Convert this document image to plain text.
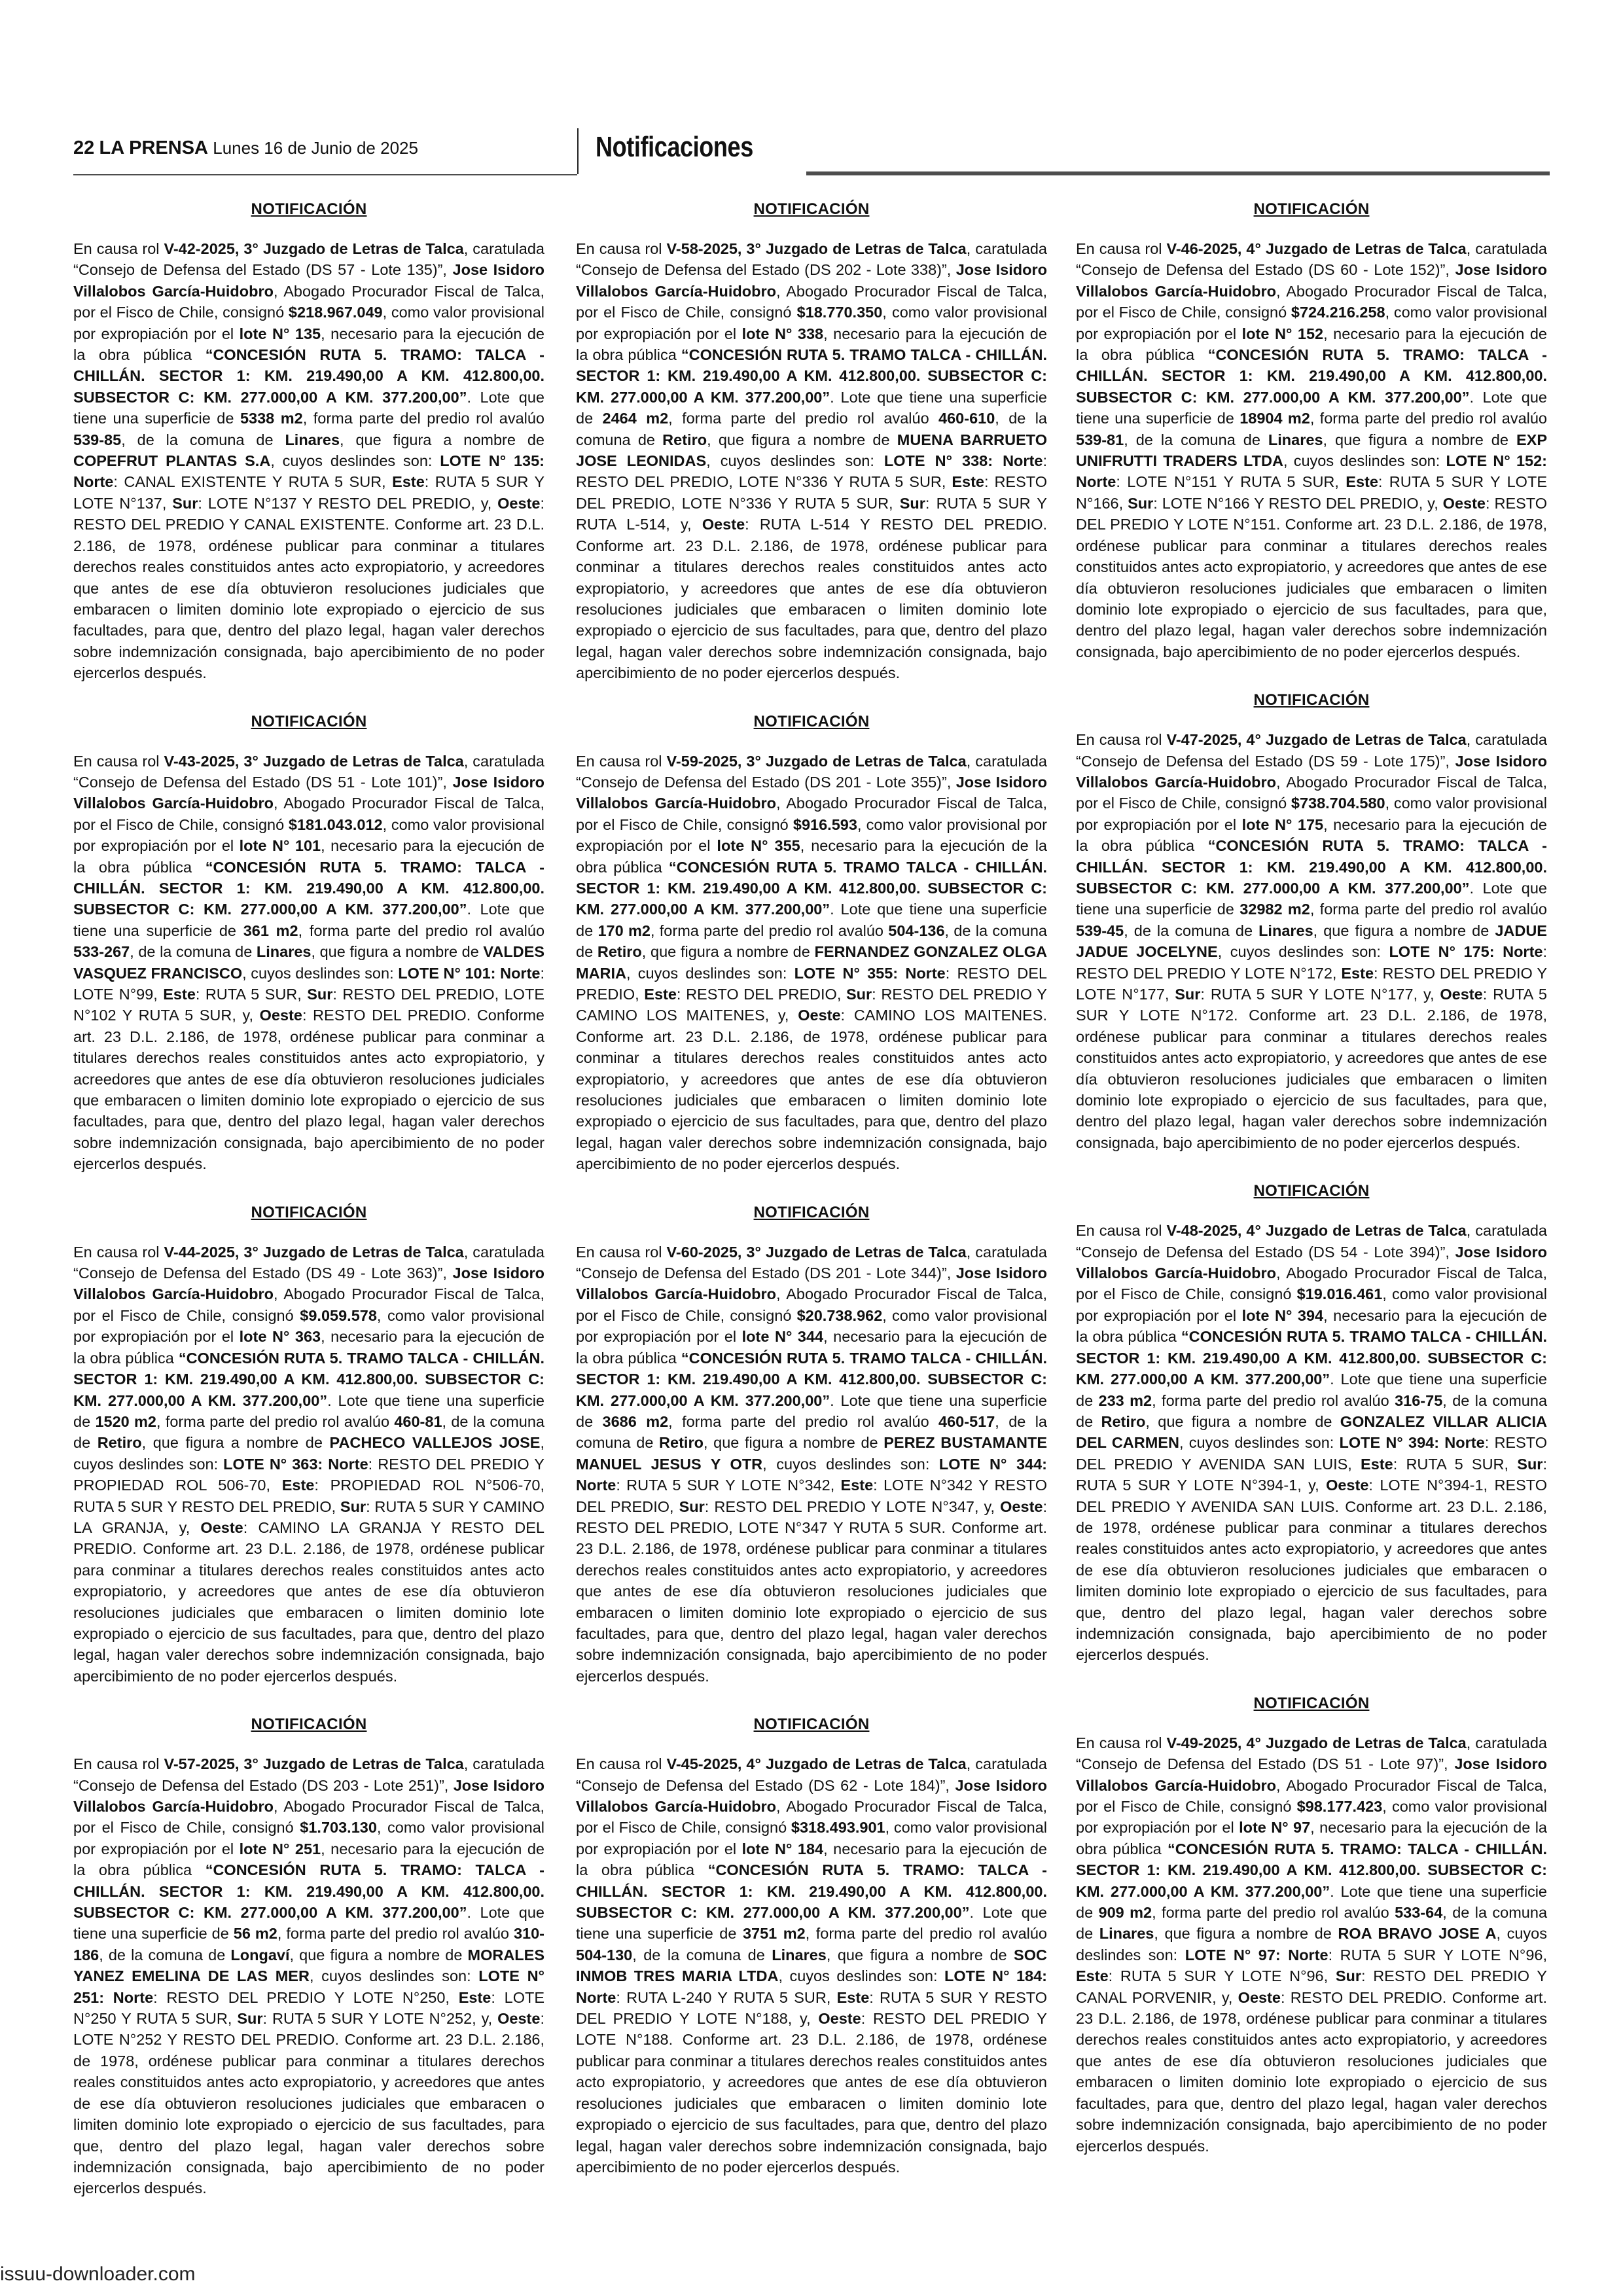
22 LA PRENSA Lunes 16 de Junio de 2025	Notificaciones
NOTIFICACIÓN

En causa rol V-42-2025, 3° Juzgado de Letras de Talca, caratulada “Consejo de Defensa del Estado (DS 57 - Lote 135)”, Jose Isidoro Villalobos García-Huidobro, Abogado Procurador Fiscal de Talca, por el Fisco de Chile, consignó $218.967.049, como valor provisional por expropiación por el lote N° 135, necesario para la ejecución de la obra pública “CONCESIÓN RUTA 5. TRAMO: TALCA - CHILLÁN. SECTOR 1: KM. 219.490,00 A KM. 412.800,00. SUBSECTOR C: KM. 277.000,00 A KM. 377.200,00”. Lote que tiene una superficie de 5338 m2, forma parte del predio rol avalúo 539-85, de la comuna de Linares, que figura a nombre de COPEFRUT PLANTAS S.A, cuyos deslindes son: LOTE N° 135: Norte: CANAL EXISTENTE Y RUTA 5 SUR, Este: RUTA 5 SUR Y LOTE N°137, Sur: LOTE N°137 Y RESTO DEL PREDIO, y, Oeste: RESTO DEL PREDIO Y CANAL EXISTENTE. Conforme art. 23 D.L. 2.186, de 1978, ordénese publicar para conminar a titulares derechos reales constituidos antes acto expropiatorio, y acreedores que antes de ese día obtuvieron resoluciones judiciales que embaracen o limiten dominio lote expropiado o ejercicio de sus facultades, para que, dentro del plazo legal, hagan valer derechos sobre indemnización consignada, bajo apercibimiento de no poder ejercerlos después.

NOTIFICACIÓN

En causa rol V-43-2025, 3° Juzgado de Letras de Talca, caratulada “Consejo de Defensa del Estado (DS 51 - Lote 101)”, Jose Isidoro Villalobos García-Huidobro, Abogado Procurador Fiscal de Talca, por el Fisco de Chile, consignó $181.043.012, como valor provisional por expropiación por el lote N° 101, necesario para la ejecución de la obra pública “CONCESIÓN RUTA 5. TRAMO: TALCA - CHILLÁN. SECTOR 1: KM. 219.490,00 A KM. 412.800,00. SUBSECTOR C: KM. 277.000,00 A KM. 377.200,00”. Lote que tiene una superficie de 361 m2, forma parte del predio rol avalúo 533-267, de la comuna de Linares, que figura a nombre de VALDES VASQUEZ FRANCISCO, cuyos deslindes son: LOTE N° 101: Norte: LOTE N°99, Este: RUTA 5 SUR, Sur: RESTO DEL PREDIO, LOTE N°102 Y RUTA 5 SUR, y, Oeste: RESTO DEL PREDIO. Conforme art. 23 D.L. 2.186, de 1978, ordénese publicar para conminar a titulares derechos reales constituidos antes acto expropiatorio, y acreedores que antes de ese día obtuvieron resoluciones judiciales que embaracen o limiten dominio lote expropiado o ejercicio de sus facultades, para que, dentro del plazo legal, hagan valer derechos sobre indemnización consignada, bajo apercibimiento de no poder ejercerlos después.

NOTIFICACIÓN

En causa rol V-44-2025, 3° Juzgado de Letras de Talca, caratulada “Consejo de Defensa del Estado (DS 49 - Lote 363)”, Jose Isidoro Villalobos García-Huidobro, Abogado Procurador Fiscal de Talca, por el Fisco de Chile, consignó $9.059.578, como valor provisional por expropiación por el lote N° 363, necesario para la ejecución de la obra pública “CONCESIÓN RUTA 5. TRAMO TALCA - CHILLÁN. SECTOR 1: KM. 219.490,00 A KM. 412.800,00. SUBSECTOR C: KM. 277.000,00 A KM. 377.200,00”. Lote que tiene una superficie de 1520 m2, forma parte del predio rol avalúo 460-81, de la comuna de Retiro, que figura a nombre de PACHECO VALLEJOS JOSE, cuyos deslindes son: LOTE N° 363: Norte: RESTO DEL PREDIO Y PROPIEDAD ROL 506-70, Este: PROPIEDAD ROL N°506-70, RUTA 5 SUR Y RESTO DEL PREDIO, Sur: RUTA 5 SUR Y CAMINO LA GRANJA, y, Oeste: CAMINO LA GRANJA Y RESTO DEL PREDIO. Conforme art. 23 D.L. 2.186, de 1978, ordénese publicar para conminar a titulares derechos reales constituidos antes acto expropiatorio, y acreedores que antes de ese día obtuvieron resoluciones judiciales que embaracen o limiten dominio lote expropiado o ejercicio de sus facultades, para que, dentro del plazo legal, hagan valer derechos sobre indemnización consignada, bajo apercibimiento de no poder ejercerlos después.

NOTIFICACIÓN

En causa rol V-57-2025, 3° Juzgado de Letras de Talca, caratulada “Consejo de Defensa del Estado (DS 203 - Lote 251)”, Jose Isidoro Villalobos García-Huidobro, Abogado Procurador Fiscal de Talca, por el Fisco de Chile, consignó $1.703.130, como valor provisional por expropiación por el lote N° 251, necesario para la ejecución de la obra pública “CONCESIÓN RUTA 5. TRAMO: TALCA - CHILLÁN. SECTOR 1: KM. 219.490,00 A KM. 412.800,00. SUBSECTOR C: KM. 277.000,00 A KM. 377.200,00”. Lote que tiene una superficie de 56 m2, forma parte del predio rol avalúo 310-186, de la comuna de Longaví, que figura a nombre de MORALES YANEZ EMELINA DE LAS MER, cuyos deslindes son: LOTE N° 251: Norte: RESTO DEL PREDIO Y LOTE N°250, Este: LOTE N°250 Y RUTA 5 SUR, Sur: RUTA 5 SUR Y LOTE N°252, y, Oeste: LOTE N°252 Y RESTO DEL PREDIO. Conforme art. 23 D.L. 2.186, de 1978, ordénese publicar para conminar a titulares derechos reales constituidos antes acto expropiatorio, y acreedores que antes de ese día obtuvieron resoluciones judiciales que embaracen o limiten dominio lote expropiado o ejercicio de sus facultades, para que, dentro del plazo legal, hagan valer derechos sobre indemnización consignada, bajo apercibimiento de no poder ejercerlos después.

NOTIFICACIÓN

En causa rol V-58-2025, 3° Juzgado de Letras de Talca, caratulada “Consejo de Defensa del Estado (DS 202 - Lote 338)”, Jose Isidoro Villalobos García-Huidobro, Abogado Procurador Fiscal de Talca, por el Fisco de Chile, consignó $18.770.350, como valor provisional por expropiación por el lote N° 338, necesario para la ejecución de la obra pública “CONCESIÓN RUTA 5. TRAMO TALCA - CHILLÁN. SECTOR 1: KM. 219.490,00 A KM. 412.800,00. SUBSECTOR C: KM. 277.000,00 A KM. 377.200,00”. Lote que tiene una superficie de 2464 m2, forma parte del predio rol avalúo 460-610, de la comuna de Retiro, que figura a nombre de MUENA BARRUETO JOSE LEONIDAS, cuyos deslindes son: LOTE N° 338: Norte: RESTO DEL PREDIO, LOTE N°336 Y RUTA 5 SUR, Este: RESTO DEL PREDIO, LOTE N°336 Y RUTA 5 SUR, Sur: RUTA 5 SUR Y RUTA L-514, y, Oeste: RUTA L-514 Y RESTO DEL PREDIO. Conforme art. 23 D.L. 2.186, de 1978, ordénese publicar para conminar a titulares derechos reales constituidos antes acto expropiatorio, y acreedores que antes de ese día obtuvieron resoluciones judiciales que embaracen o limiten dominio lote expropiado o ejercicio de sus facultades, para que, dentro del plazo legal, hagan valer derechos sobre indemnización consignada, bajo apercibimiento de no poder ejercerlos después.

NOTIFICACIÓN

En causa rol V-59-2025, 3° Juzgado de Letras de Talca, caratulada “Consejo de Defensa del Estado (DS 201 - Lote 355)”, Jose Isidoro Villalobos García-Huidobro, Abogado Procurador Fiscal de Talca, por el Fisco de Chile, consignó $916.593, como valor provisional por expropiación por el lote N° 355, necesario para la ejecución de la obra pública “CONCESIÓN RUTA 5. TRAMO TALCA - CHILLÁN. SECTOR 1: KM. 219.490,00 A KM. 412.800,00. SUBSECTOR C: KM. 277.000,00 A KM. 377.200,00”. Lote que tiene una superficie de 170 m2, forma parte del predio rol avalúo 504-136, de la comuna de Retiro, que figura a nombre de FERNANDEZ GONZALEZ OLGA MARIA, cuyos deslindes son: LOTE N° 355: Norte: RESTO DEL PREDIO, Este: RESTO DEL PREDIO, Sur: RESTO DEL PREDIO Y CAMINO LOS MAITENES, y, Oeste: CAMINO LOS MAITENES. Conforme art. 23 D.L. 2.186, de 1978, ordénese publicar para conminar a titulares derechos reales constituidos antes acto expropiatorio, y acreedores que antes de ese día obtuvieron resoluciones judiciales que embaracen o limiten dominio lote expropiado o ejercicio de sus facultades, para que, dentro del plazo legal, hagan valer derechos sobre indemnización consignada, bajo apercibimiento de no poder ejercerlos después.

NOTIFICACIÓN

En causa rol V-60-2025, 3° Juzgado de Letras de Talca, caratulada “Consejo de Defensa del Estado (DS 201 - Lote 344)”, Jose Isidoro Villalobos García-Huidobro, Abogado Procurador Fiscal de Talca, por el Fisco de Chile, consignó $20.738.962, como valor provisional por expropiación por el lote N° 344, necesario para la ejecución de la obra pública “CONCESIÓN RUTA 5. TRAMO TALCA - CHILLÁN. SECTOR 1: KM. 219.490,00 A KM. 412.800,00. SUBSECTOR C: KM. 277.000,00 A KM. 377.200,00”. Lote que tiene una superficie de 3686 m2, forma parte del predio rol avalúo 460-517, de la comuna de Retiro, que figura a nombre de PEREZ BUSTAMANTE MANUEL JESUS Y OTR, cuyos deslindes son: LOTE N° 344: Norte: RUTA 5 SUR Y LOTE N°342, Este: LOTE N°342 Y RESTO DEL PREDIO, Sur: RESTO DEL PREDIO Y LOTE N°347, y, Oeste: RESTO DEL PREDIO, LOTE N°347 Y RUTA 5 SUR. Conforme art. 23 D.L. 2.186, de 1978, ordénese publicar para conminar a titulares derechos reales constituidos antes acto expropiatorio, y acreedores que antes de ese día obtuvieron resoluciones judiciales que embaracen o limiten dominio lote expropiado o ejercicio de sus facultades, para que, dentro del plazo legal, hagan valer derechos sobre indemnización consignada, bajo apercibimiento de no poder ejercerlos después.

NOTIFICACIÓN

En causa rol V-45-2025, 4° Juzgado de Letras de Talca, caratulada “Consejo de Defensa del Estado (DS 62 - Lote 184)”, Jose Isidoro Villalobos García-Huidobro, Abogado Procurador Fiscal de Talca, por el Fisco de Chile, consignó $318.493.901, como valor provisional por expropiación por el lote N° 184, necesario para la ejecución de la obra pública “CONCESIÓN RUTA 5. TRAMO: TALCA - CHILLÁN. SECTOR 1: KM. 219.490,00 A KM. 412.800,00. SUBSECTOR C: KM. 277.000,00 A KM. 377.200,00”. Lote que tiene una superficie de 3751 m2, forma parte del predio rol avalúo 504-130, de la comuna de Linares, que figura a nombre de SOC INMOB TRES MARIA LTDA, cuyos deslindes son: LOTE N° 184: Norte: RUTA L-240 Y RUTA 5 SUR, Este: RUTA 5 SUR Y RESTO DEL PREDIO Y LOTE N°188, y, Oeste: RESTO DEL PREDIO Y LOTE N°188. Conforme art. 23 D.L. 2.186, de 1978, ordénese publicar para conminar a titulares derechos reales constituidos antes acto expropiatorio, y acreedores que antes de ese día obtuvieron resoluciones judiciales que embaracen o limiten dominio lote expropiado o ejercicio de sus facultades, para que, dentro del plazo legal, hagan valer derechos sobre indemnización consignada, bajo apercibimiento de no poder ejercerlos después.

NOTIFICACIÓN

En causa rol V-46-2025, 4° Juzgado de Letras de Talca, caratulada “Consejo de Defensa del Estado (DS 60 - Lote 152)”, Jose Isidoro Villalobos García-Huidobro, Abogado Procurador Fiscal de Talca, por el Fisco de Chile, consignó $724.216.258, como valor provisional por expropiación por el lote N° 152, necesario para la ejecución de la obra pública “CONCESIÓN RUTA 5. TRAMO: TALCA - CHILLÁN. SECTOR 1: KM. 219.490,00 A KM. 412.800,00. SUBSECTOR C: KM. 277.000,00 A KM. 377.200,00”. Lote que tiene una superficie de 18904 m2, forma parte del predio rol avalúo 539-81, de la comuna de Linares, que figura a nombre de EXP UNIFRUTTI TRADERS LTDA, cuyos deslindes son: LOTE N° 152: Norte: LOTE N°151 Y RUTA 5 SUR, Este: RUTA 5 SUR Y LOTE N°166, Sur: LOTE N°166 Y RESTO DEL PREDIO, y, Oeste: RESTO DEL PREDIO Y LOTE N°151. Conforme art. 23 D.L. 2.186, de 1978, ordénese publicar para conminar a titulares derechos reales constituidos antes acto expropiatorio, y acreedores que antes de ese día obtuvieron resoluciones judiciales que embaracen o limiten dominio lote expropiado o ejercicio de sus facultades, para que, dentro del plazo legal, hagan valer derechos sobre indemnización consignada, bajo apercibimiento de no poder ejercerlos después.

NOTIFICACIÓN

En causa rol V-47-2025, 4° Juzgado de Letras de Talca, caratulada “Consejo de Defensa del Estado (DS 59 - Lote 175)”, Jose Isidoro Villalobos García-Huidobro, Abogado Procurador Fiscal de Talca, por el Fisco de Chile, consignó $738.704.580, como valor provisional por expropiación por el lote N° 175, necesario para la ejecución de la obra pública “CONCESIÓN RUTA 5. TRAMO: TALCA - CHILLÁN. SECTOR 1: KM. 219.490,00 A KM. 412.800,00. SUBSECTOR C: KM. 277.000,00 A KM. 377.200,00”. Lote que tiene una superficie de 32982 m2, forma parte del predio rol avalúo 539-45, de la comuna de Linares, que figura a nombre de JADUE JADUE JOCELYNE, cuyos deslindes son: LOTE N° 175: Norte: RESTO DEL PREDIO Y LOTE N°172, Este: RESTO DEL PREDIO Y LOTE N°177, Sur: RUTA 5 SUR Y LOTE N°177, y, Oeste: RUTA 5 SUR Y LOTE N°172. Conforme art. 23 D.L. 2.186, de 1978, ordénese publicar para conminar a titulares derechos reales constituidos antes acto expropiatorio, y acreedores que antes de ese día obtuvieron resoluciones judiciales que embaracen o limiten dominio lote expropiado o ejercicio de sus facultades, para que, dentro del plazo legal, hagan valer derechos sobre indemnización consignada, bajo apercibimiento de no poder ejercerlos después.

NOTIFICACIÓN

En causa rol V-48-2025, 4° Juzgado de Letras de Talca, caratulada “Consejo de Defensa del Estado (DS 54 - Lote 394)”, Jose Isidoro Villalobos García-Huidobro, Abogado Procurador Fiscal de Talca, por el Fisco de Chile, consignó $19.016.461, como valor provisional por expropiación por el lote N° 394, necesario para la ejecución de la obra pública “CONCESIÓN RUTA 5. TRAMO TALCA - CHILLÁN. SECTOR 1: KM. 219.490,00 A KM. 412.800,00. SUBSECTOR C: KM. 277.000,00 A KM. 377.200,00”. Lote que tiene una superficie de 233 m2, forma parte del predio rol avalúo 316-75, de la comuna de Retiro, que figura a nombre de GONZALEZ VILLAR ALICIA DEL CARMEN, cuyos deslindes son: LOTE N° 394: Norte: RESTO DEL PREDIO Y AVENIDA SAN LUIS, Este: RUTA 5 SUR, Sur: RUTA 5 SUR Y LOTE N°394-1, y, Oeste: LOTE N°394-1, RESTO DEL PREDIO Y AVENIDA SAN LUIS. Conforme art. 23 D.L. 2.186, de 1978, ordénese publicar para conminar a titulares derechos reales constituidos antes acto expropiatorio, y acreedores que antes de ese día obtuvieron resoluciones judiciales que embaracen o limiten dominio lote expropiado o ejercicio de sus facultades, para que, dentro del plazo legal, hagan valer derechos sobre indemnización consignada, bajo apercibimiento de no poder ejercerlos después.

NOTIFICACIÓN

En causa rol V-49-2025, 4° Juzgado de Letras de Talca, caratulada “Consejo de Defensa del Estado (DS 51 - Lote 97)”, Jose Isidoro Villalobos García-Huidobro, Abogado Procurador Fiscal de Talca, por el Fisco de Chile, consignó $98.177.423, como valor provisional por expropiación por el lote N° 97, necesario para la ejecución de la obra pública “CONCESIÓN RUTA 5. TRAMO: TALCA - CHILLÁN. SECTOR 1: KM. 219.490,00 A KM. 412.800,00. SUBSECTOR C: KM. 277.000,00 A KM. 377.200,00”. Lote que tiene una superficie de 909 m2, forma parte del predio rol avalúo 533-64, de la comuna de Linares, que figura a nombre de ROA BRAVO JOSE A, cuyos deslindes son: LOTE N° 97: Norte: RUTA 5 SUR Y LOTE N°96, Este: RUTA 5 SUR Y LOTE N°96, Sur: RESTO DEL PREDIO Y CANAL PORVENIR, y, Oeste: RESTO DEL PREDIO. Conforme art. 23 D.L. 2.186, de 1978, ordénese publicar para conminar a titulares derechos reales constituidos antes acto expropiatorio, y acreedores que antes de ese día obtuvieron resoluciones judiciales que embaracen o limiten dominio lote expropiado o ejercicio de sus facultades, para que, dentro del plazo legal, hagan valer derechos sobre indemnización consignada, bajo apercibimiento de no poder ejercerlos después.

issuu-downloader.com
